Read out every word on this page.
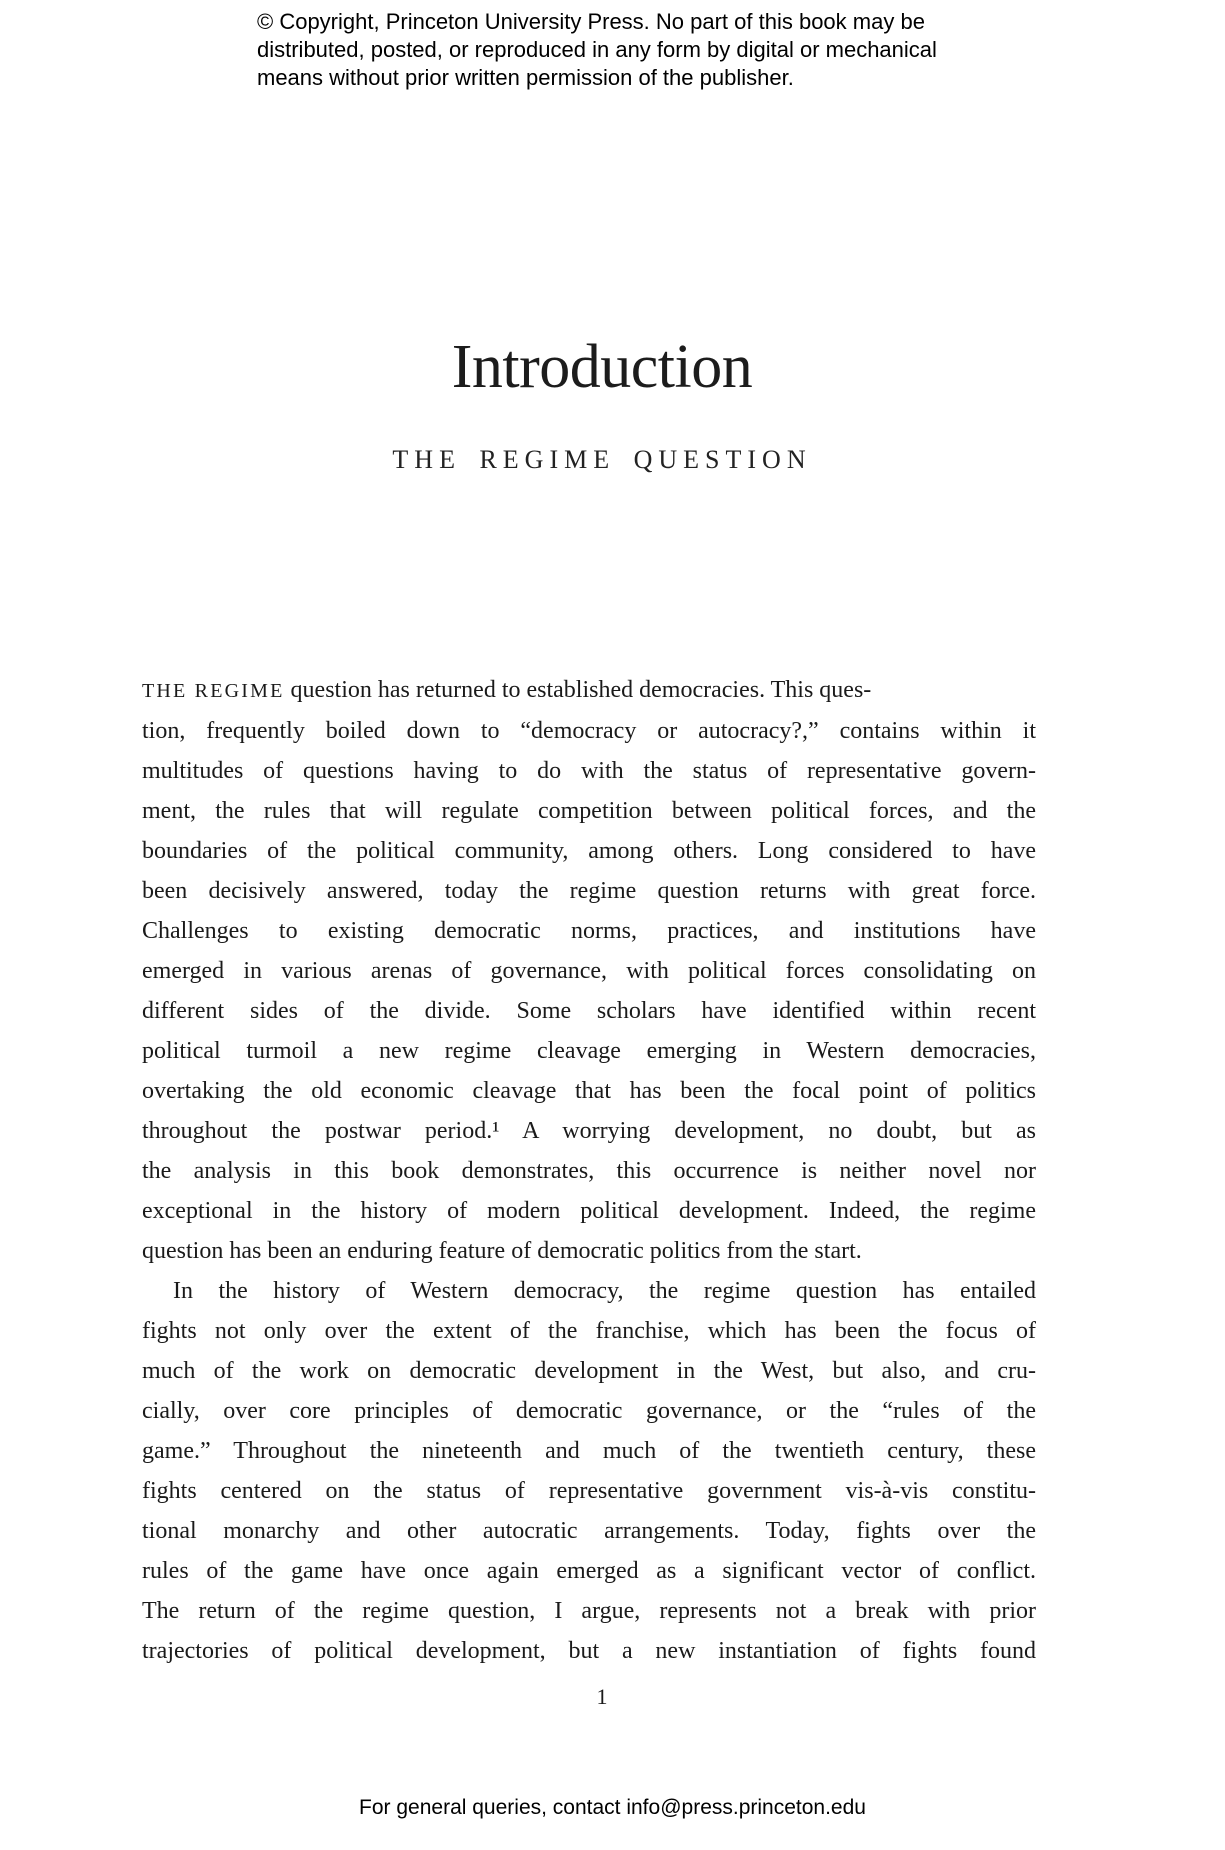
© Copyright, Princeton University Press. No part of this book may be
distributed, posted, or reproduced in any form by digital or mechanical
means without prior written permission of the publisher.
Introduction
THE REGIME QUESTION
THE REGIME question has returned to established democracies. This ques-
tion, frequently boiled down to “democracy or autocracy?,” contains within it
multitudes of questions having to do with the status of representative govern-
ment, the rules that will regulate competition between political forces, and the
boundaries of the political community, among others. Long considered to have
been decisively answered, today the regime question returns with great force.
Challenges to existing democratic norms, practices, and institutions have
emerged in various arenas of governance, with political forces consolidating on
different sides of the divide. Some scholars have identified within recent
political turmoil a new regime cleavage emerging in Western democracies,
overtaking the old economic cleavage that has been the focal point of politics
throughout the postwar period.¹ A worrying development, no doubt, but as
the analysis in this book demonstrates, this occurrence is neither novel nor
exceptional in the history of modern political development. Indeed, the regime
question has been an enduring feature of democratic politics from the start.
In the history of Western democracy, the regime question has entailed
fights not only over the extent of the franchise, which has been the focus of
much of the work on democratic development in the West, but also, and cru-
cially, over core principles of democratic governance, or the “rules of the
game.” Throughout the nineteenth and much of the twentieth century, these
fights centered on the status of representative government vis-à-vis constitu-
tional monarchy and other autocratic arrangements. Today, fights over the
rules of the game have once again emerged as a significant vector of conflict.
The return of the regime question, I argue, represents not a break with prior
trajectories of political development, but a new instantiation of fights found
1
For general queries, contact info@press.princeton.edu
